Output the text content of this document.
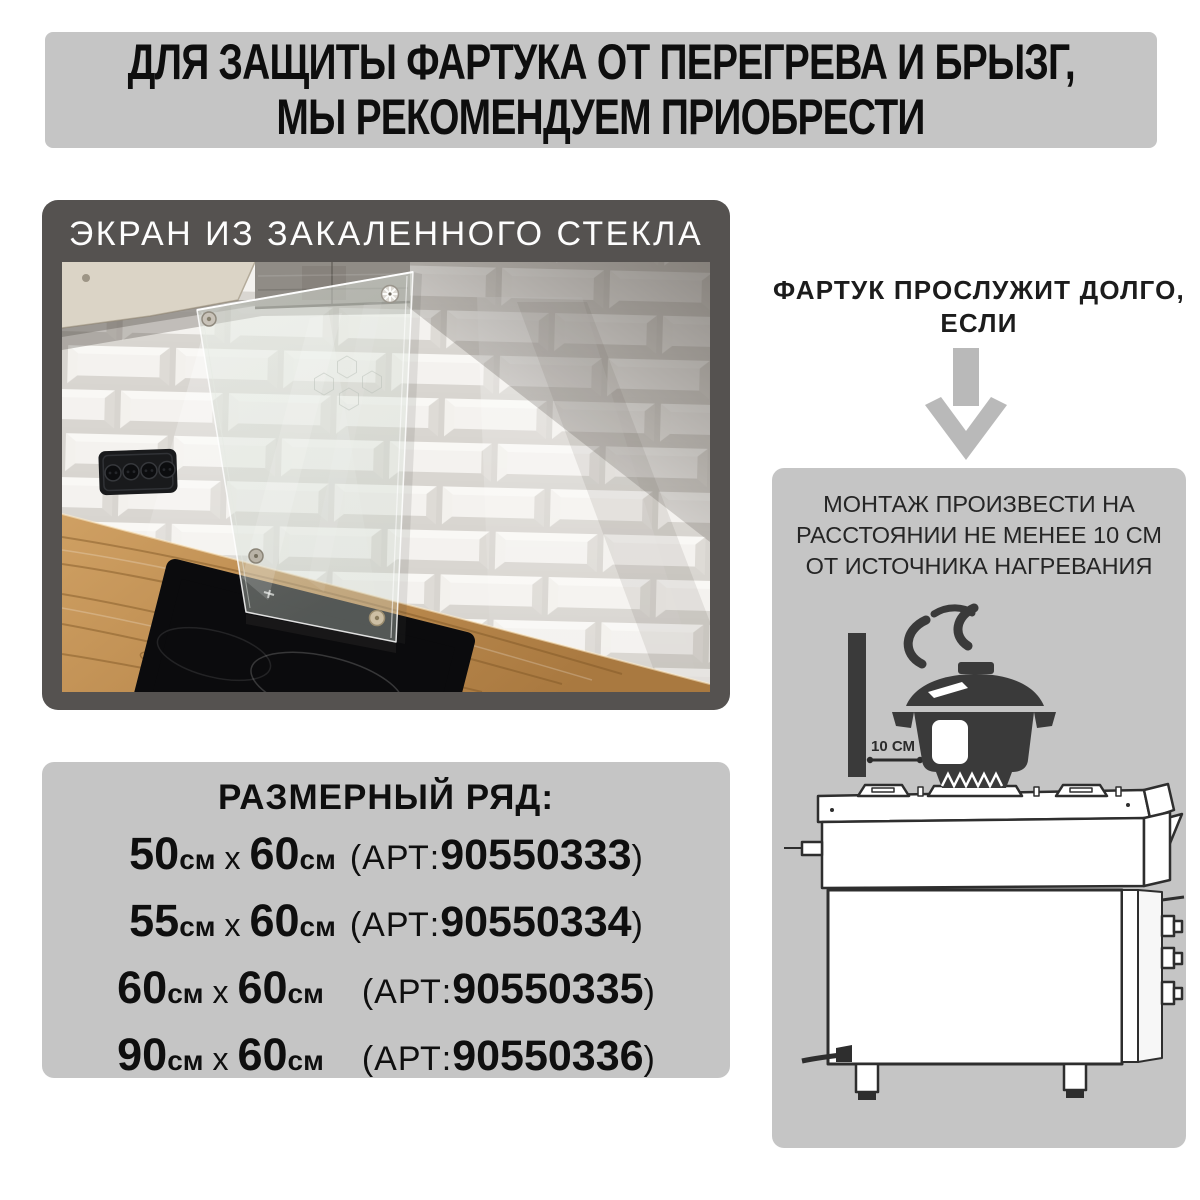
ДЛЯ ЗАЩИТЫ ФАРТУКА ОТ ПЕРЕГРЕВА И БРЫЗГ,
МЫ РЕКОМЕНДУЕМ ПРИОБРЕСТИ
ЭКРАН ИЗ ЗАКАЛЕННОГО СТЕКЛА
ФАРТУК ПРОСЛУЖИТ ДОЛГО,
ЕСЛИ
МОНТАЖ ПРОИЗВЕСТИ НА
РАССТОЯНИИ НЕ МЕНЕЕ 10 СМ
ОТ ИСТОЧНИКА НАГРЕВАНИЯ
10 СМ
РАЗМЕРНЫЙ РЯД:
50см x 60см (АРТ:90550333)
55см x 60см (АРТ:90550334)
60см x 60см (АРТ:90550335)
90см x 60см (АРТ:90550336)
